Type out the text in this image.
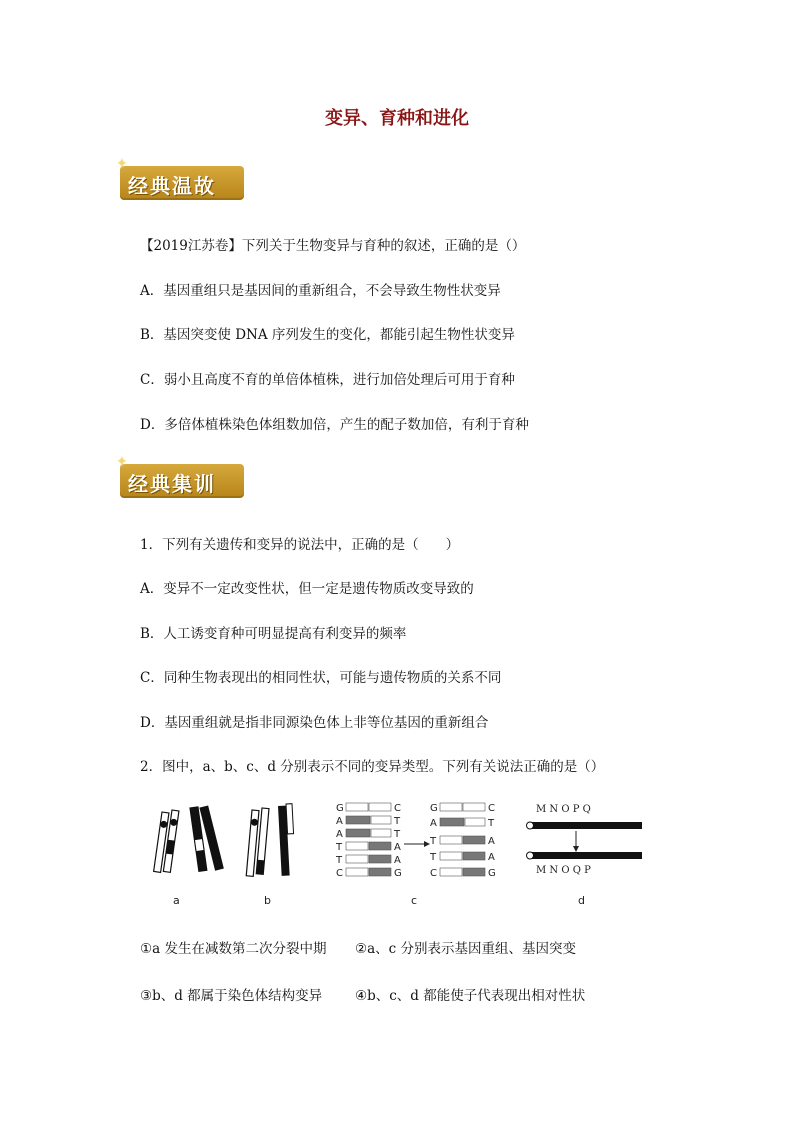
变异、育种和进化
✦
经典温故
【2019江苏卷】下列关于生物变异与育种的叙述，正确的是（）
A．基因重组只是基因间的重新组合，不会导致生物性状变异
B．基因突变使 DNA 序列发生的变化，都能引起生物性状变异
C．弱小且高度不育的单倍体植株，进行加倍处理后可用于育种
D．多倍体植株染色体组数加倍，产生的配子数加倍，有利于育种
✦
经典集训
1．下列有关遗传和变异的说法中，正确的是（　　）
A．变异不一定改变性状，但一定是遗传物质改变导致的
B．人工诱变育种可明显提高有利变异的频率
C．同种生物表现出的相同性状，可能与遗传物质的关系不同
D．基因重组就是指非同源染色体上非等位基因的重新组合
2．图中，a、b、c、d 分别表示不同的变异类型。下列有关说法正确的是（）
G
A
A
T
T
C
C
T
T
A
A
G
G
A
T
T
C
C
T
A
A
G
M N O P Q
M N O Q P
a	b	c	d
①a 发生在减数第二次分裂中期 ②a、c 分别表示基因重组、基因突变
③b、d 都属于染色体结构变异 ④b、c、d 都能使子代表现出相对性状
